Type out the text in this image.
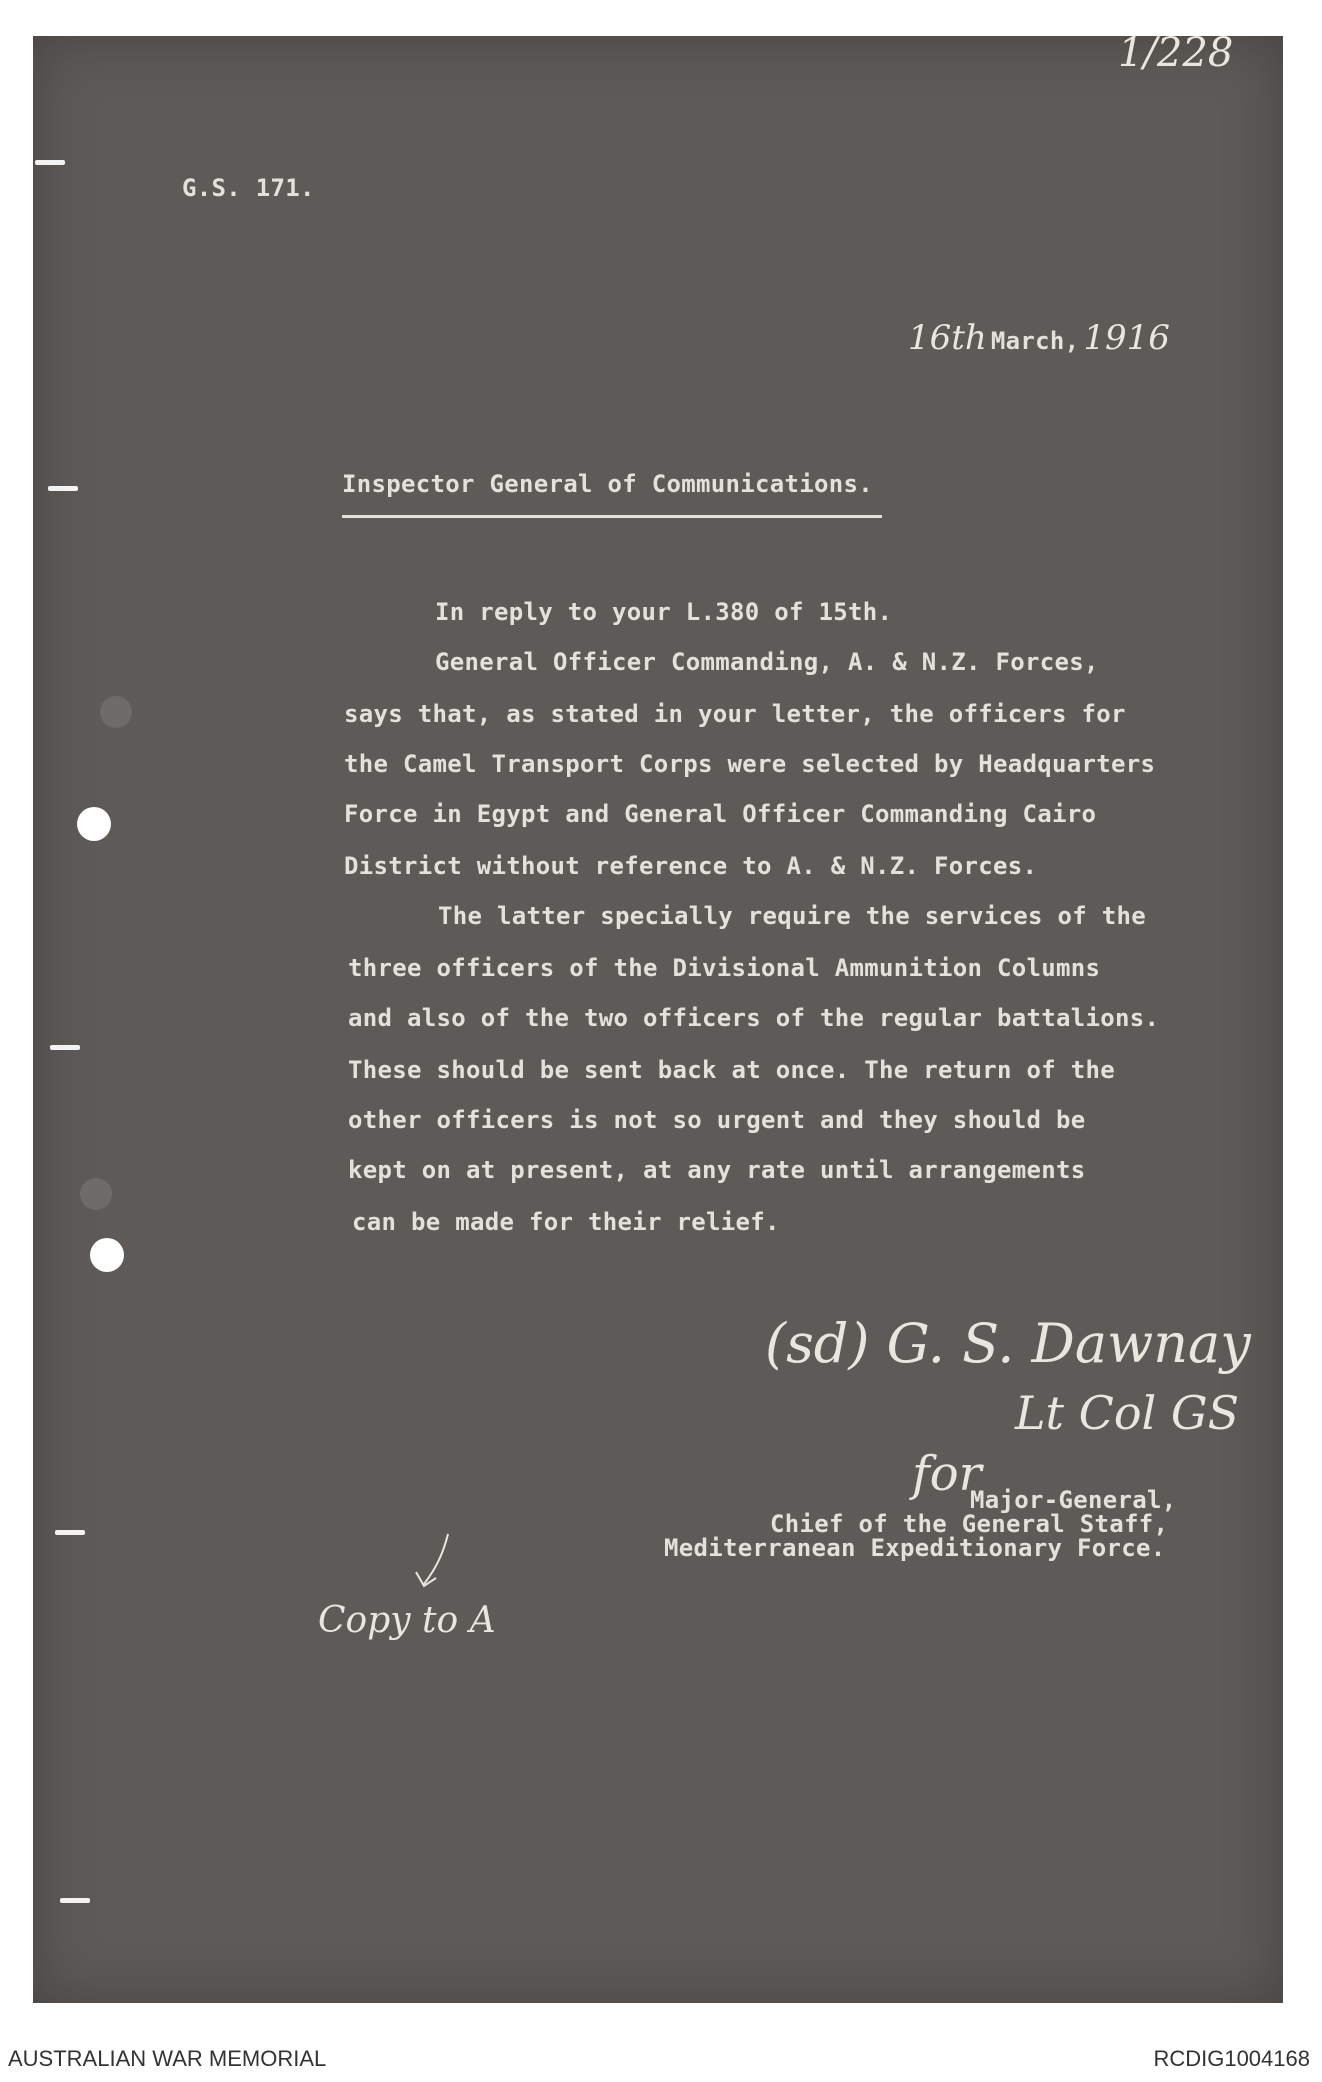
1/228
G.S. 171.
16th March, 1916
Inspector General of Communications.
In reply to your L.380 of 15th.
General Officer Commanding, A. & N.Z. Forces,
says that, as stated in your letter, the officers for
the Camel Transport Corps were selected by Headquarters
Force in Egypt and General Officer Commanding Cairo
District without reference to A. & N.Z. Forces.
The latter specially require the services of the
three officers of the Divisional Ammunition Columns
and also of the two officers of the regular battalions.
These should be sent back at once. The return of the
other officers is not so urgent and they should be
kept on at present, at any rate until arrangements
can be made for their relief.
(sd) G. S. Dawnay
Lt Col GS
for
Major-General,
Chief of the General Staff,
Mediterranean Expeditionary Force.
Copy to A
AUSTRALIAN WAR MEMORIAL	RCDIG1004168
